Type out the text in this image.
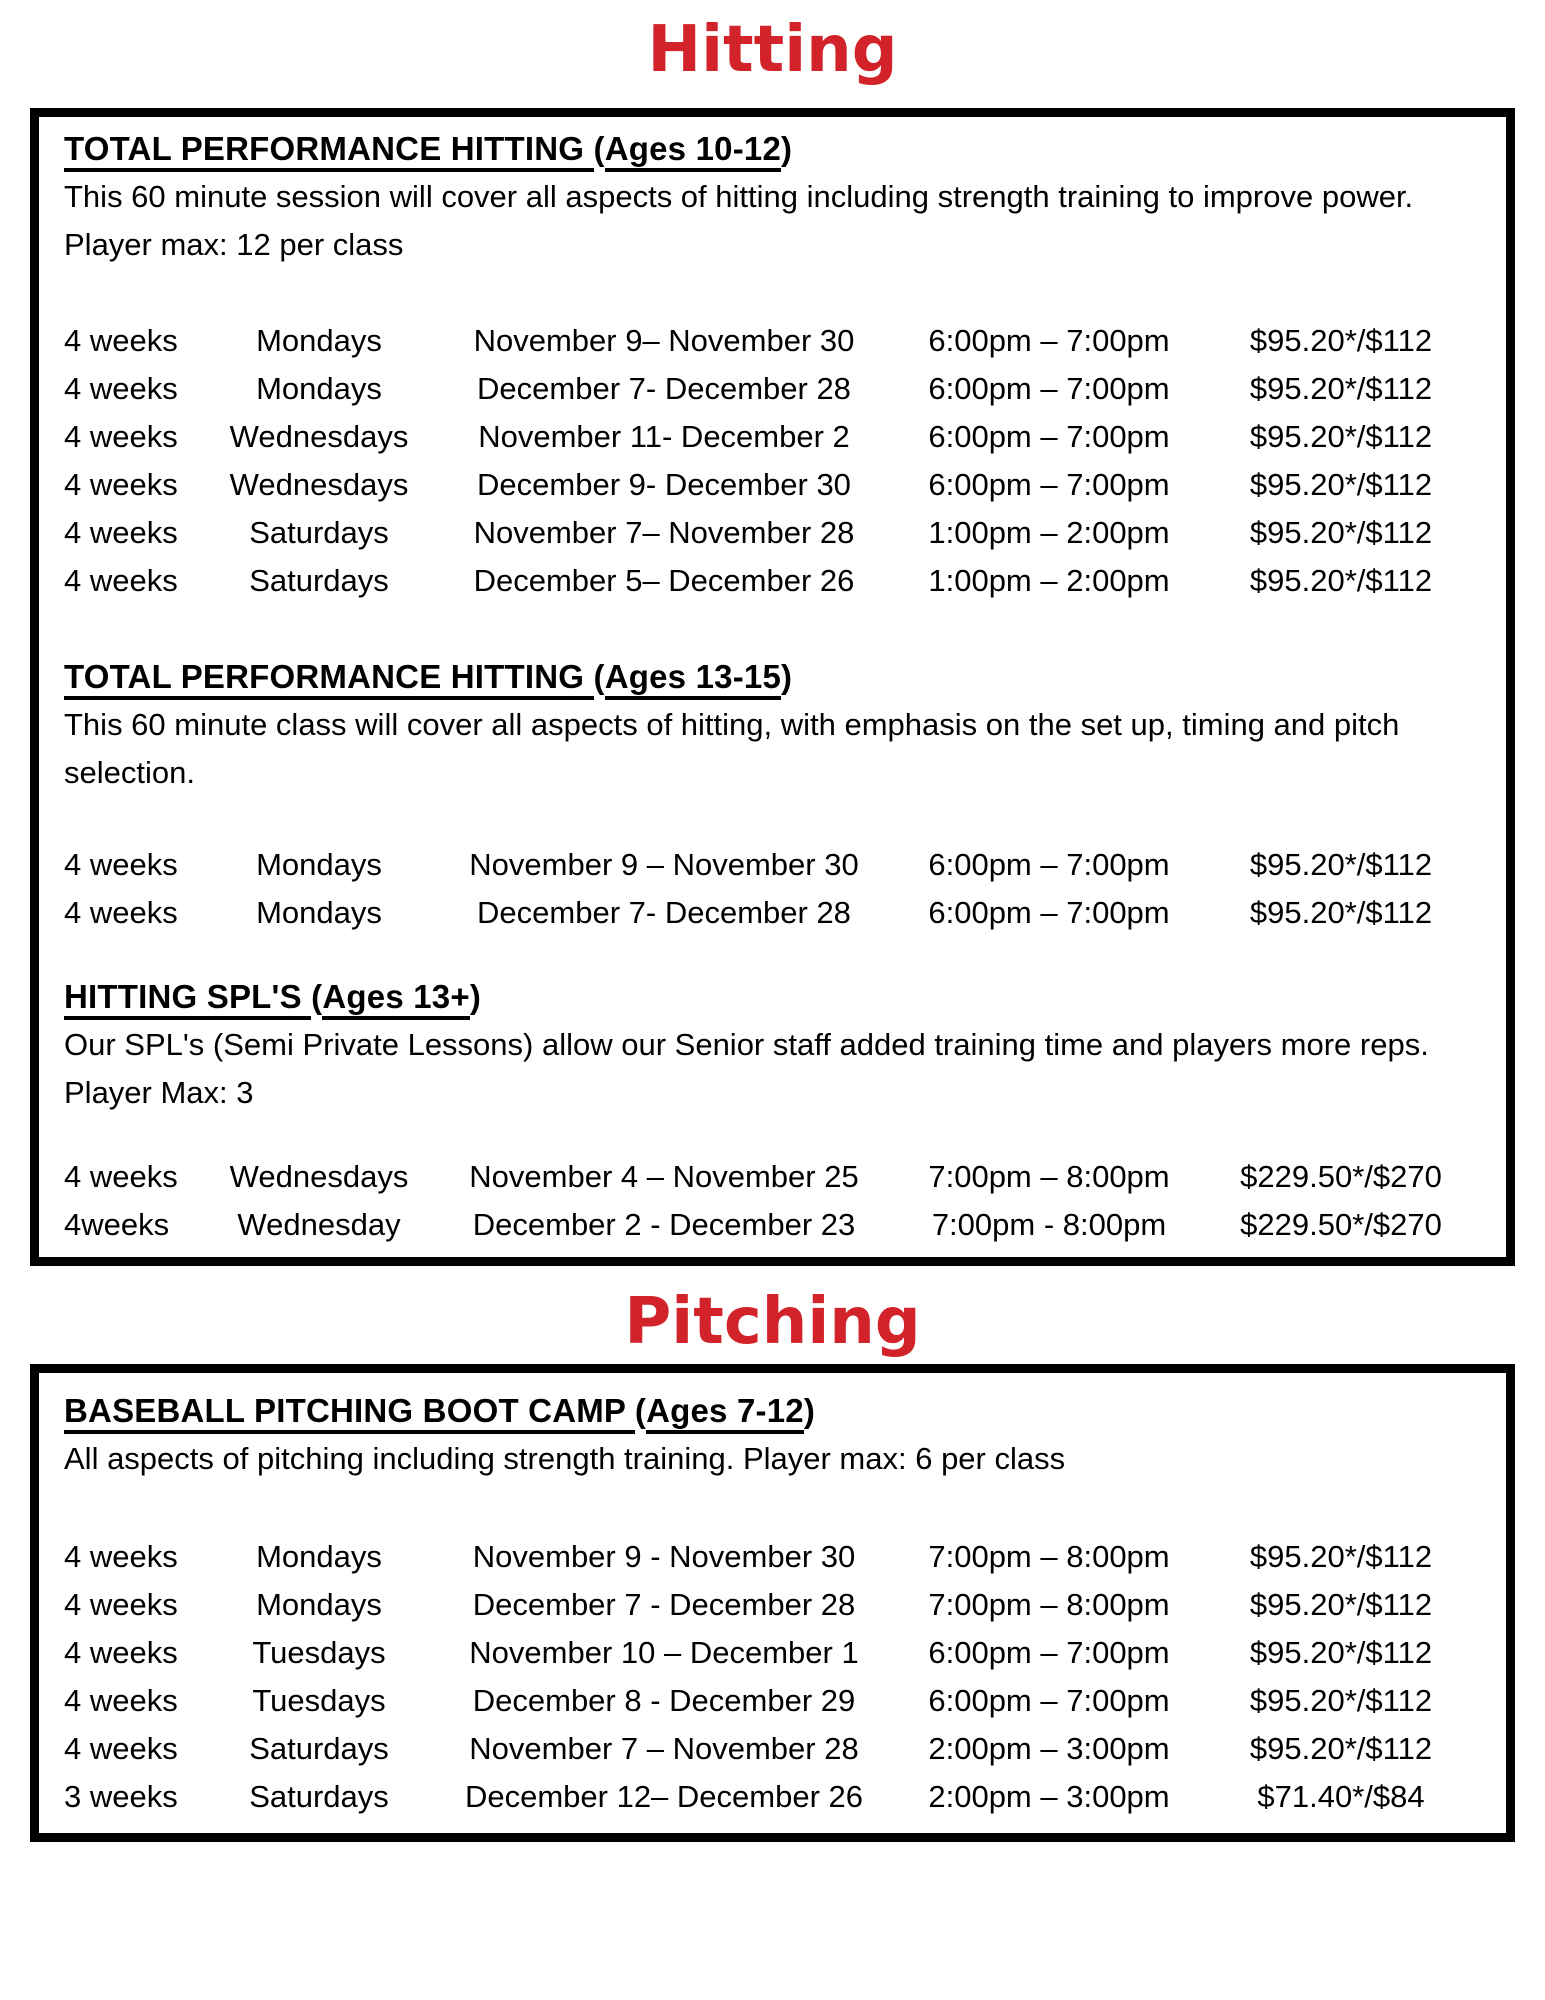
Hitting
TOTAL PERFORMANCE HITTING (Ages 10-12)

This 60 minute session will cover all aspects of hitting including strength training to improve power. Player max: 12 per class

4 weeks	Mondays	November 9– November 30	6:00pm – 7:00pm	$95.20*/$112
4 weeks	Mondays	December 7- December 28	6:00pm – 7:00pm	$95.20*/$112
4 weeks	Wednesdays	November 11- December 2	6:00pm – 7:00pm	$95.20*/$112
4 weeks	Wednesdays	December 9- December 30	6:00pm – 7:00pm	$95.20*/$112
4 weeks	Saturdays	November 7– November 28	1:00pm – 2:00pm	$95.20*/$112
4 weeks	Saturdays	December 5– December 26	1:00pm – 2:00pm	$95.20*/$112
TOTAL PERFORMANCE HITTING (Ages 13-15)

This 60 minute class will cover all aspects of hitting, with emphasis on the set up, timing and pitch selection.

4 weeks	Mondays	November 9 – November 30	6:00pm – 7:00pm	$95.20*/$112
4 weeks	Mondays	December 7- December 28	6:00pm – 7:00pm	$95.20*/$112
HITTING SPL'S (Ages 13+)

Our SPL's (Semi Private Lessons) allow our Senior staff added training time and players more reps. Player Max: 3

4 weeks	Wednesdays	November 4 – November 25	7:00pm – 8:00pm	$229.50*/$270
4weeks	Wednesday	December 2 - December 23	7:00pm - 8:00pm	$229.50*/$270
Pitching
BASEBALL PITCHING BOOT CAMP (Ages 7-12)

All aspects of pitching including strength training. Player max: 6 per class

4 weeks	Mondays	November 9 - November 30	7:00pm – 8:00pm	$95.20*/$112
4 weeks	Mondays	December 7 - December 28	7:00pm – 8:00pm	$95.20*/$112
4 weeks	Tuesdays	November 10 – December 1	6:00pm – 7:00pm	$95.20*/$112
4 weeks	Tuesdays	December 8 - December 29	6:00pm – 7:00pm	$95.20*/$112
4 weeks	Saturdays	November 7 – November 28	2:00pm – 3:00pm	$95.20*/$112
3 weeks	Saturdays	December 12– December 26	2:00pm – 3:00pm	$71.40*/$84
